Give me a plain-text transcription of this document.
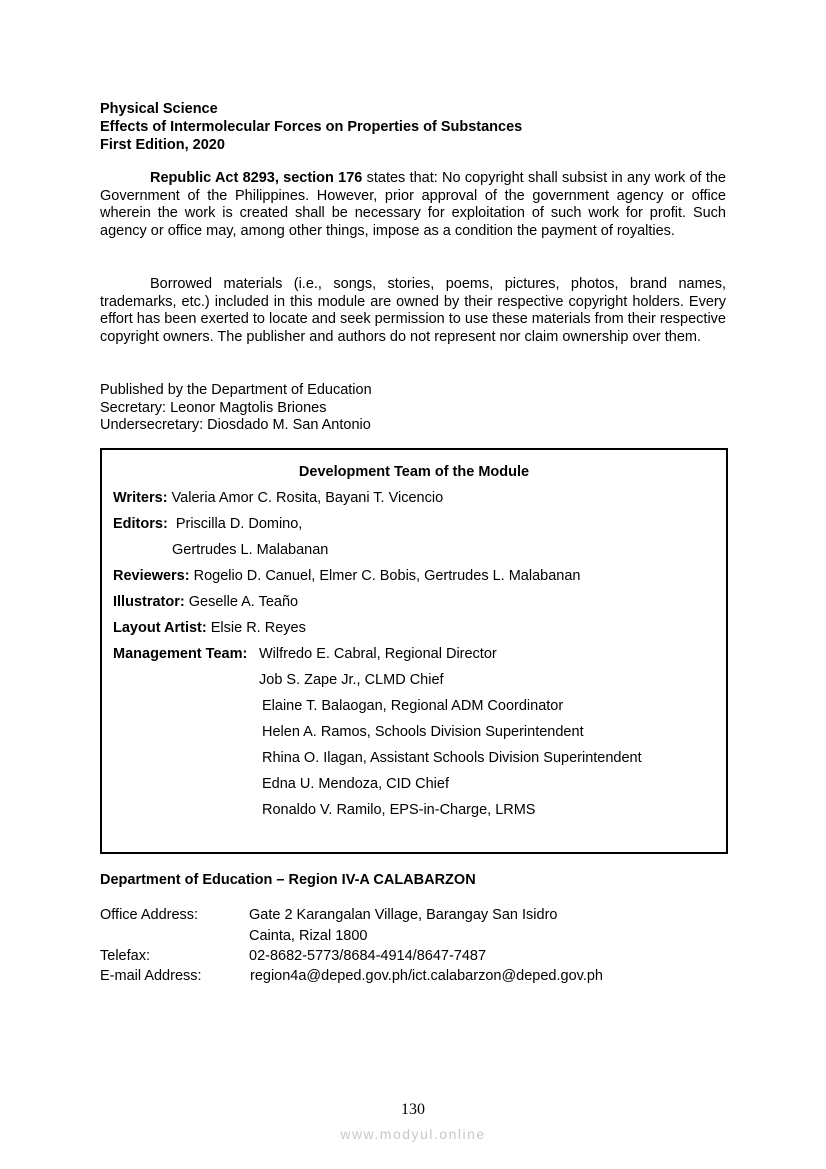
Physical Science
Effects of Intermolecular Forces on Properties of Substances
First Edition, 2020

Republic Act 8293, section 176 states that: No copyright shall subsist in any work of the Government of the Philippines. However, prior approval of the government agency or office wherein the work is created shall be necessary for exploitation of such work for profit. Such agency or office may, among other things, impose as a condition the payment of royalties.

Borrowed materials (i.e., songs, stories, poems, pictures, photos, brand names, trademarks, etc.) included in this module are owned by their respective copyright holders. Every effort has been exerted to locate and seek permission to use these materials from their respective copyright owners. The publisher and authors do not represent nor claim ownership over them.

Published by the Department of Education
Secretary: Leonor Magtolis Briones
Undersecretary: Diosdado M. San Antonio
Development Team of the Module
Writers: Valeria Amor C. Rosita, Bayani T. Vicencio
Editors:  Priscilla D. Domino,
Gertrudes L. Malabanan
Reviewers: Rogelio D. Canuel, Elmer C. Bobis, Gertrudes L. Malabanan
Illustrator: Geselle A. Teaño
Layout Artist: Elsie R. Reyes
Management Team: Wilfredo E. Cabral, Regional Director
Job S. Zape Jr., CLMD Chief
Elaine T. Balaogan, Regional ADM Coordinator
Helen A. Ramos, Schools Division Superintendent
Rhina O. Ilagan, Assistant Schools Division Superintendent
Edna U. Mendoza, CID Chief
Ronaldo V. Ramilo, EPS-in-Charge, LRMS
Department of Education – Region IV-A CALABARZON
Office Address:	Gate 2 Karangalan Village, Barangay San Isidro
Cainta, Rizal 1800
Telefax:	02-8682-5773/8684-4914/8647-7487
E-mail Address:	region4a@deped.gov.ph/ict.calabarzon@deped.gov.ph
130
www.modyul.online
